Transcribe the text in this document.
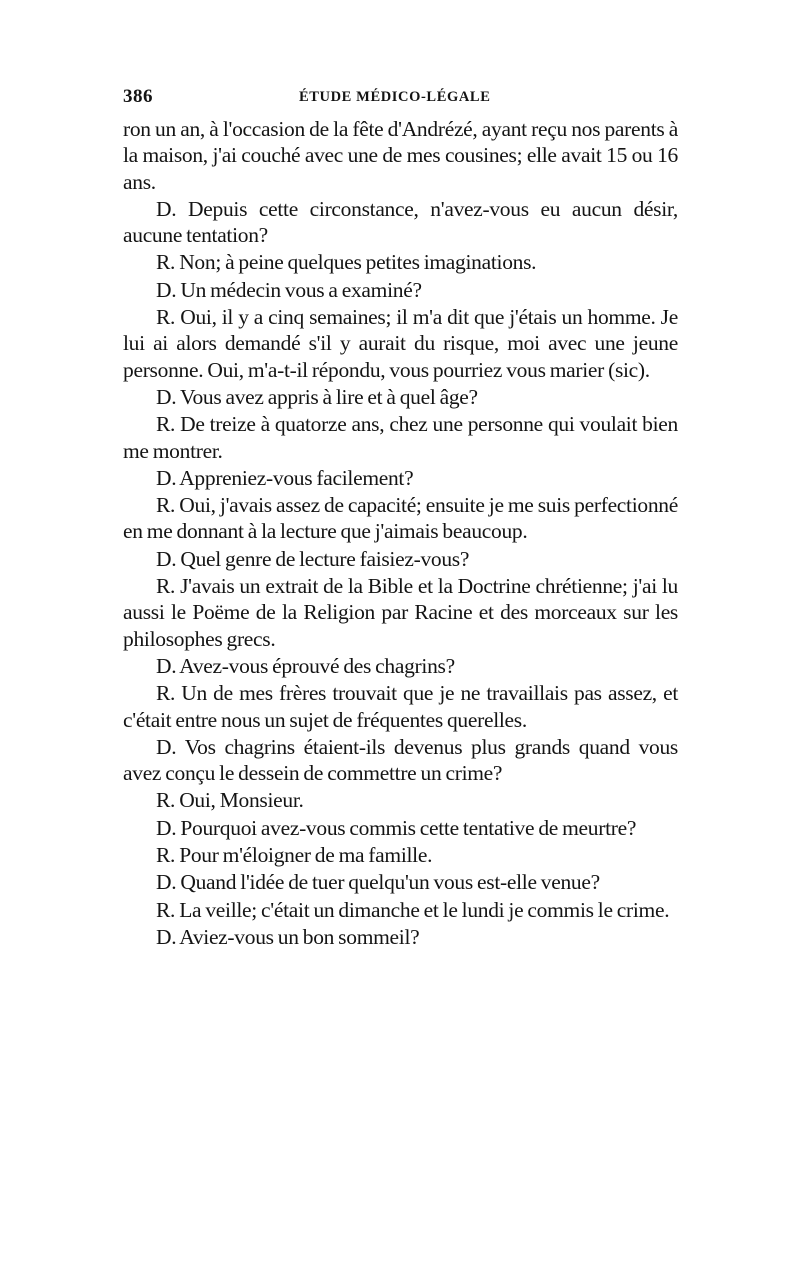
386	ÉTUDE MÉDICO-LÉGALE

ron un an, à l'occasion de la fête d'Andrézé, ayant reçu nos parents à la maison, j'ai couché avec une de mes cousines; elle avait 15 ou 16 ans.

D. Depuis cette circonstance, n'avez-vous eu aucun désir, aucune tentation?

R. Non; à peine quelques petites imaginations.

D. Un médecin vous a examiné?

R. Oui, il y a cinq semaines; il m'a dit que j'étais un homme. Je lui ai alors demandé s'il y aurait du risque, moi avec une jeune personne. Oui, m'a-t-il répondu, vous pourriez vous marier (sic).

D. Vous avez appris à lire et à quel âge?

R. De treize à quatorze ans, chez une personne qui voulait bien me montrer.

D. Appreniez-vous facilement?

R. Oui, j'avais assez de capacité; ensuite je me suis perfectionné en me donnant à la lecture que j'aimais beaucoup.

D. Quel genre de lecture faisiez-vous?

R. J'avais un extrait de la Bible et la Doctrine chrétienne; j'ai lu aussi le Poëme de la Religion par Racine et des morceaux sur les philosophes grecs.

D. Avez-vous éprouvé des chagrins?

R. Un de mes frères trouvait que je ne travaillais pas assez, et c'était entre nous un sujet de fréquentes querelles.

D. Vos chagrins étaient-ils devenus plus grands quand vous avez conçu le dessein de commettre un crime?

R. Oui, Monsieur.

D. Pourquoi avez-vous commis cette tentative de meurtre?

R. Pour m'éloigner de ma famille.

D. Quand l'idée de tuer quelqu'un vous est-elle venue?

R. La veille; c'était un dimanche et le lundi je commis le crime.

D. Aviez-vous un bon sommeil?
